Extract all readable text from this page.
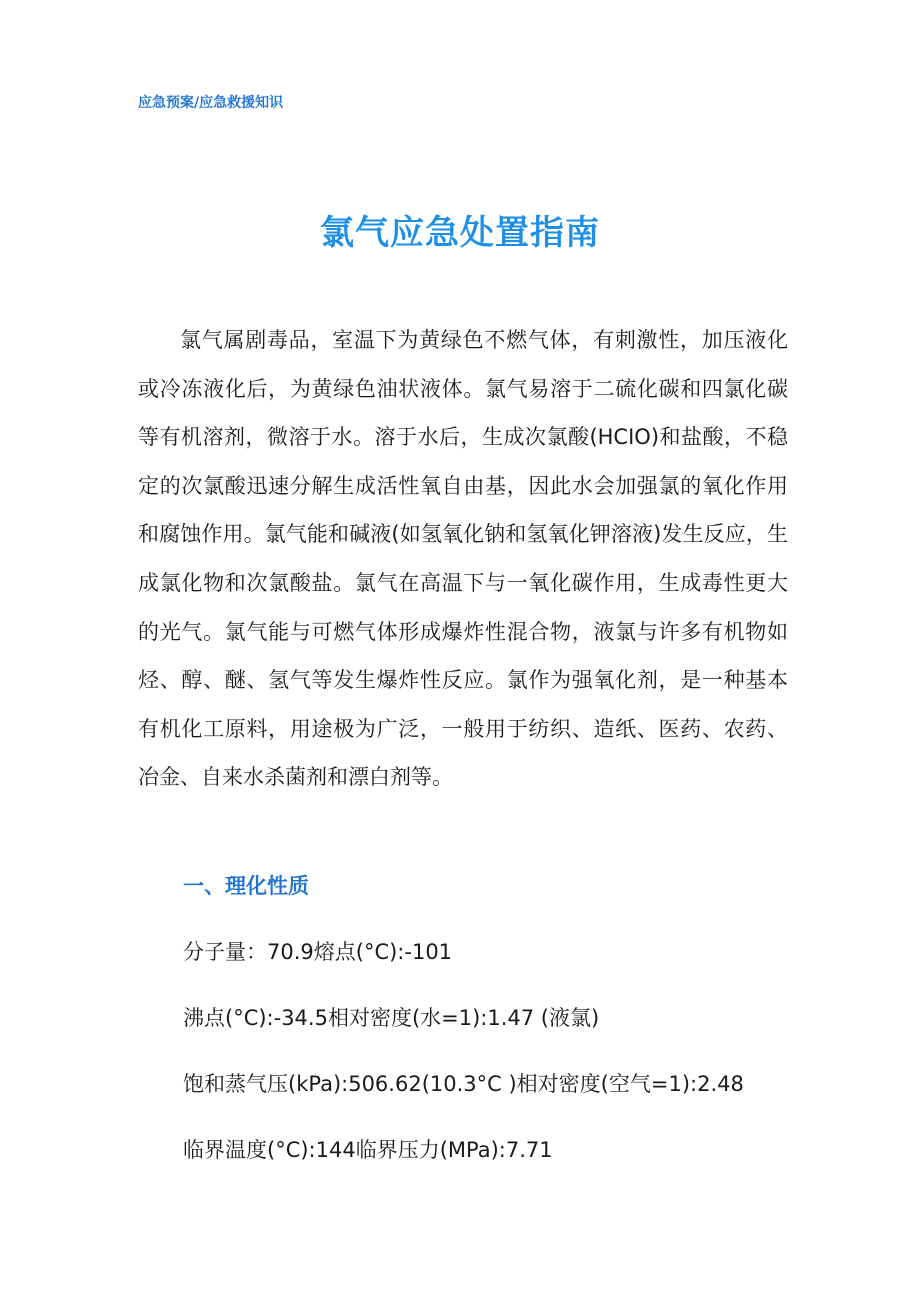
应急预案/应急救援知识
氯气应急处置指南

氯气属剧毒品，室温下为黄绿色不燃气体，有刺激性，加压液化或冷冻液化后，为黄绿色油状液体。氯气易溶于二硫化碳和四氯化碳等有机溶剂，微溶于水。溶于水后，生成次氯酸(HCIO)和盐酸，不稳定的次氯酸迅速分解生成活性氧自由基，因此水会加强氯的氧化作用和腐蚀作用。氯气能和碱液(如氢氧化钠和氢氧化钾溶液)发生反应，生成氯化物和次氯酸盐。氯气在高温下与一氧化碳作用，生成毒性更大的光气。氯气能与可燃气体形成爆炸性混合物，液氯与许多有机物如烃、醇、醚、氢气等发生爆炸性反应。氯作为强氧化剂，是一种基本有机化工原料，用途极为广泛，一般用于纺织、造纸、医药、农药、冶金、自来水杀菌剂和漂白剂等。

一、理化性质

分子量：70.9熔点(°C):-101

沸点(°C):-34.5相对密度(水=1):1.47 (液氯)

饱和蒸气压(kPa):506.62(10.3°C )相对密度(空气=1):2.48

临界温度(°C):144临界压力(MPa):7.71
